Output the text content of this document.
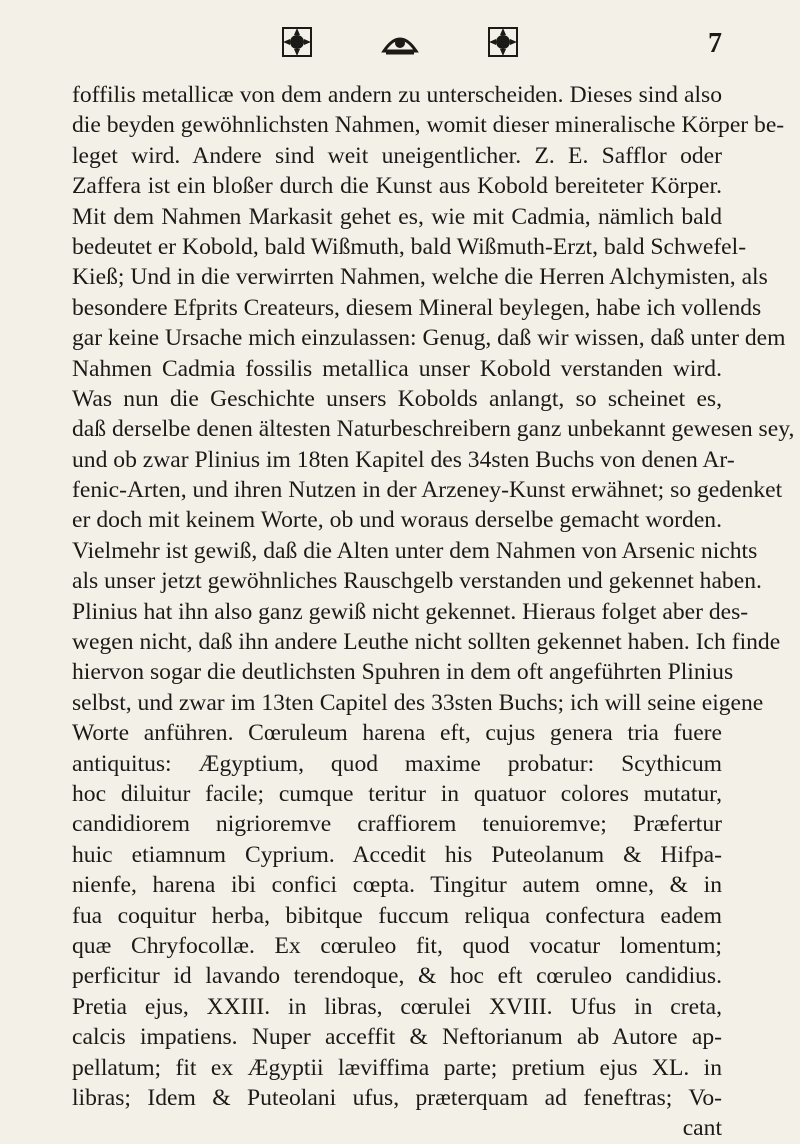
7
foffilis metallicæ von dem andern zu unterscheiden. Dieses sind also
die beyden gewöhnlichsten Nahmen, womit dieser mineralische Körper be-
leget wird. Andere sind weit uneigentlicher. Z. E. Safflor oder
Zaffera ist ein bloßer durch die Kunst aus Kobold bereiteter Körper.
Mit dem Nahmen Markasit gehet es, wie mit Cadmia, nämlich bald
bedeutet er Kobold, bald Wißmuth, bald Wißmuth-Erzt, bald Schwefel-
Kieß; Und in die verwirrten Nahmen, welche die Herren Alchymisten, als
besondere Efprits Createurs, diesem Mineral beylegen, habe ich vollends
gar keine Ursache mich einzulassen: Genug, daß wir wissen, daß unter dem
Nahmen Cadmia fossilis metallica unser Kobold verstanden wird.
Was nun die Geschichte unsers Kobolds anlangt, so scheinet es,
daß derselbe denen ältesten Naturbeschreibern ganz unbekannt gewesen sey,
und ob zwar Plinius im 18ten Kapitel des 34sten Buchs von denen Ar-
fenic-Arten, und ihren Nutzen in der Arzeney-Kunst erwähnet; so gedenket
er doch mit keinem Worte, ob und woraus derselbe gemacht worden.
Vielmehr ist gewiß, daß die Alten unter dem Nahmen von Arsenic nichts
als unser jetzt gewöhnliches Rauschgelb verstanden und gekennet haben.
Plinius hat ihn also ganz gewiß nicht gekennet. Hieraus folget aber des-
wegen nicht, daß ihn andere Leuthe nicht sollten gekennet haben. Ich finde
hiervon sogar die deutlichsten Spuhren in dem oft angeführten Plinius
selbst, und zwar im 13ten Capitel des 33sten Buchs; ich will seine eigene
Worte anführen. Cœruleum harena eft, cujus genera tria fuere
antiquitus: Ægyptium, quod maxime probatur: Scythicum
hoc diluitur facile; cumque teritur in quatuor colores mutatur,
candidiorem nigrioremve craffiorem tenuioremve; Præfertur
huic etiamnum Cyprium. Accedit his Puteolanum & Hifpa-
nienfe, harena ibi confici cœpta. Tingitur autem omne, & in
fua coquitur herba, bibitque fuccum reliqua confectura eadem
quæ Chryfocollæ. Ex cœruleo fit, quod vocatur lomentum;
perficitur id lavando terendoque, & hoc eft cœruleo candidius.
Pretia ejus, XXIII. in libras, cœrulei XVIII. Ufus in creta,
calcis impatiens. Nuper acceffit & Neftorianum ab Autore ap-
pellatum; fit ex Ægyptii læviffima parte; pretium ejus XL. in
libras; Idem & Puteolani ufus, præterquam ad feneftras; Vo-
cant
